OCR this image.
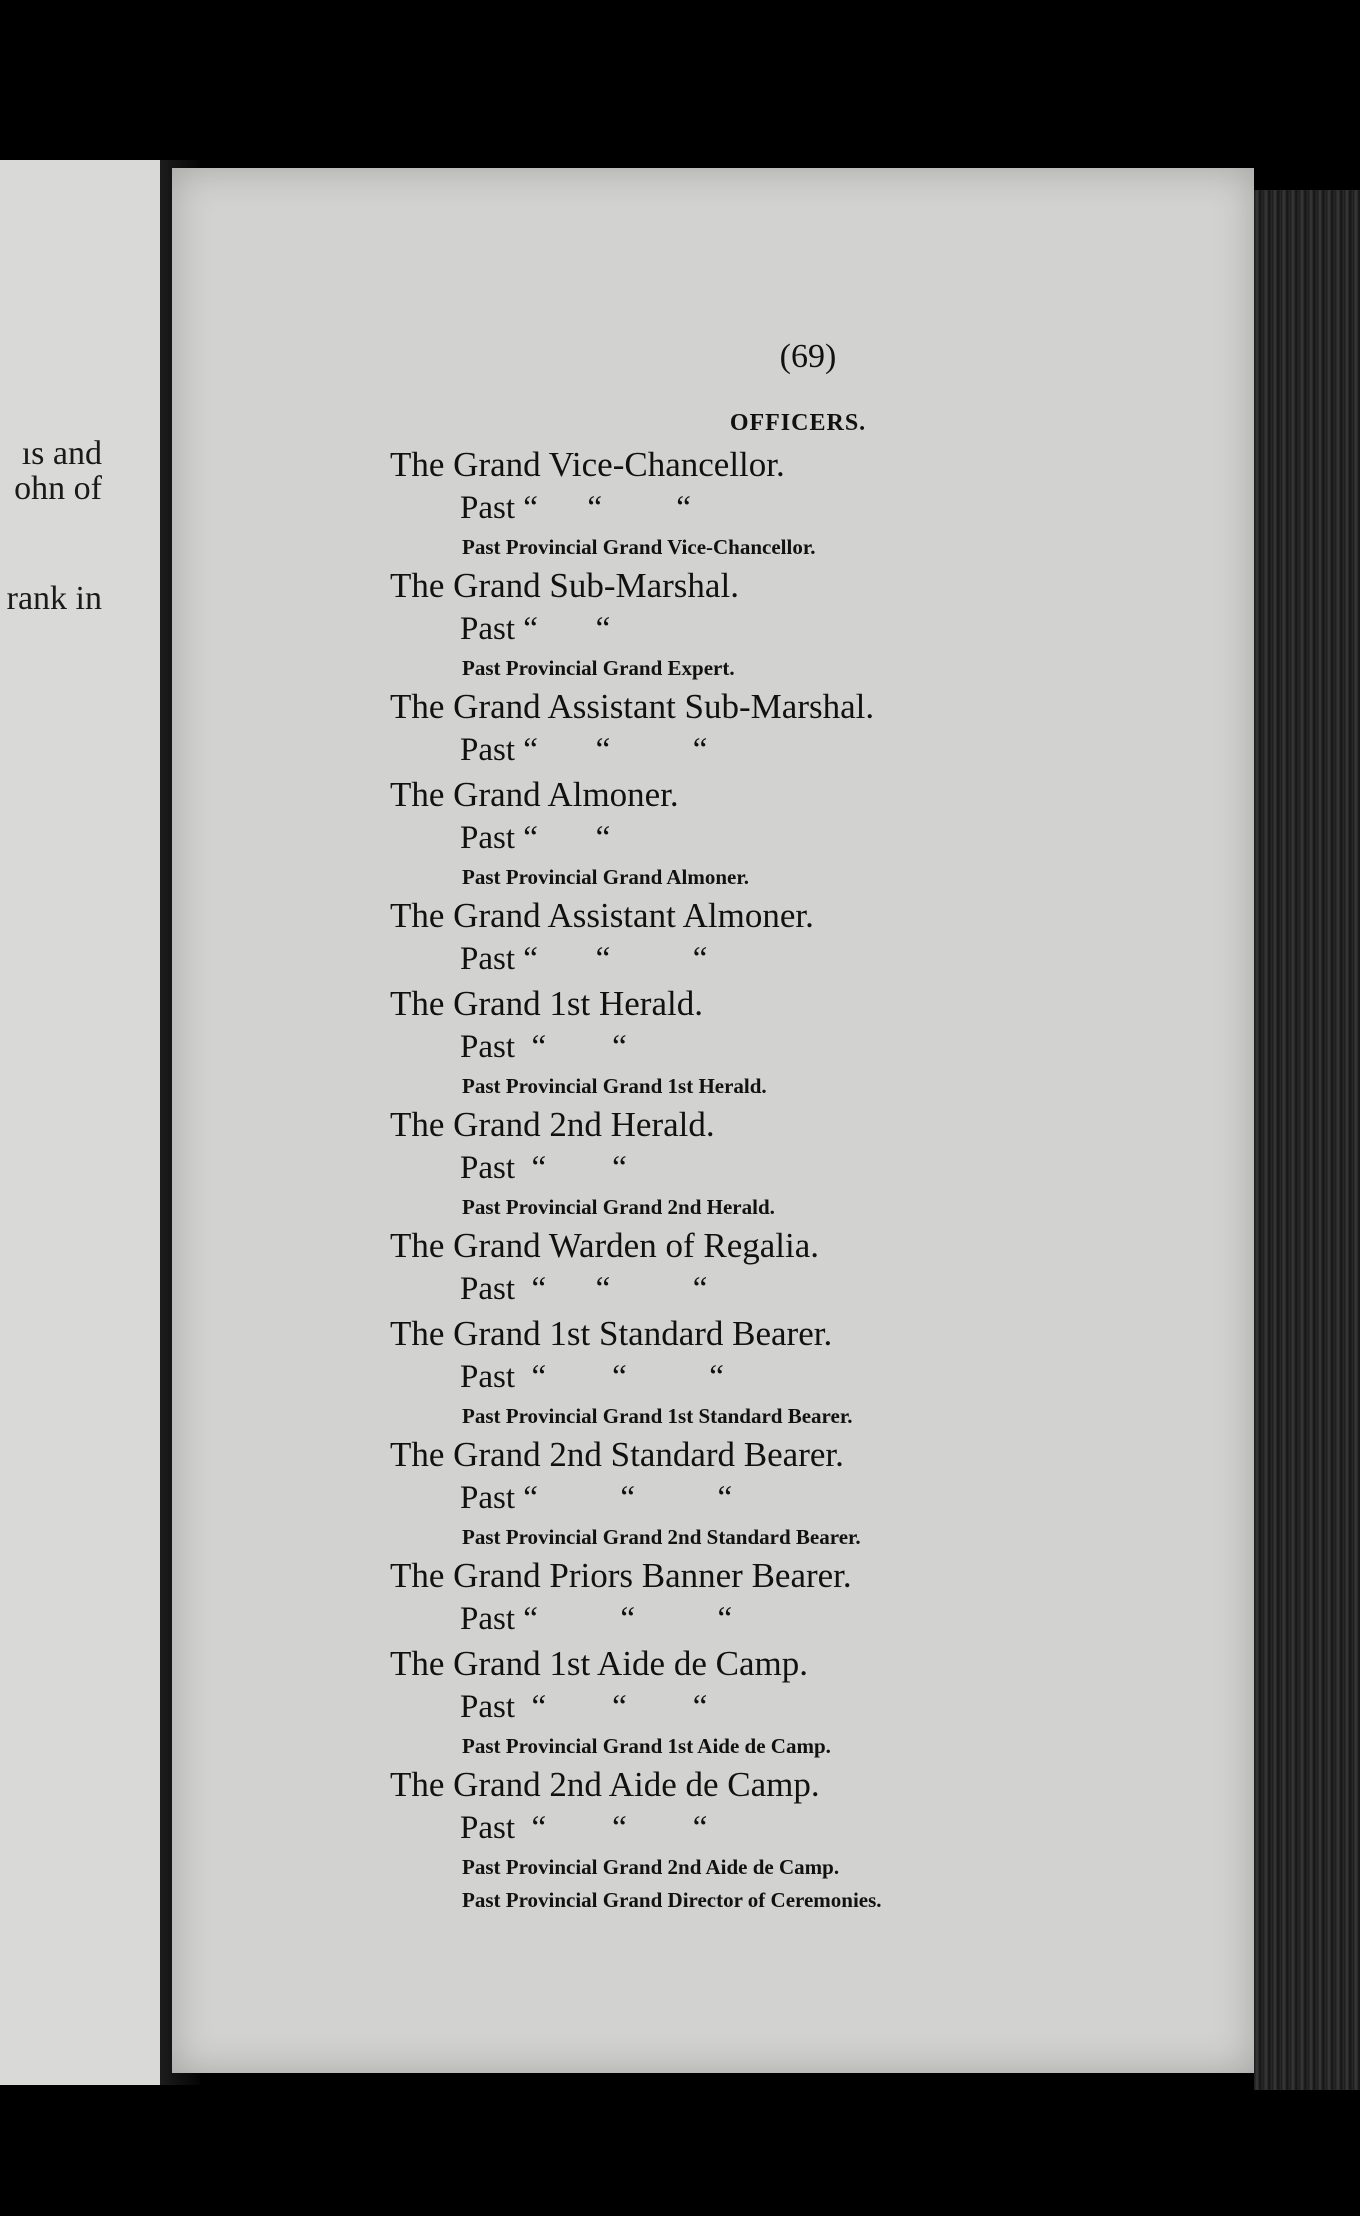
ıs and
ohn of
rank in
(69)
OFFICERS.
The Grand Vice-Chancellor.
Past “      “         “
Past Provincial Grand Vice-Chancellor.
The Grand Sub-Marshal.
Past “       “
Past Provincial Grand Expert.
The Grand Assistant Sub-Marshal.
Past “       “          “
The Grand Almoner.
Past “       “
Past Provincial Grand Almoner.
The Grand Assistant Almoner.
Past “       “          “
The Grand 1st Herald.
Past  “        “
Past Provincial Grand 1st Herald.
The Grand 2nd Herald.
Past  “        “
Past Provincial Grand 2nd Herald.
The Grand Warden of Regalia.
Past  “      “          “
The Grand 1st Standard Bearer.
Past  “        “          “
Past Provincial Grand 1st Standard Bearer.
The Grand 2nd Standard Bearer.
Past “          “          “
Past Provincial Grand 2nd Standard Bearer.
The Grand Priors Banner Bearer.
Past “          “          “
The Grand 1st Aide de Camp.
Past  “        “        “
Past Provincial Grand 1st Aide de Camp.
The Grand 2nd Aide de Camp.
Past  “        “        “
Past Provincial Grand 2nd Aide de Camp.
Past Provincial Grand Director of Ceremonies.
